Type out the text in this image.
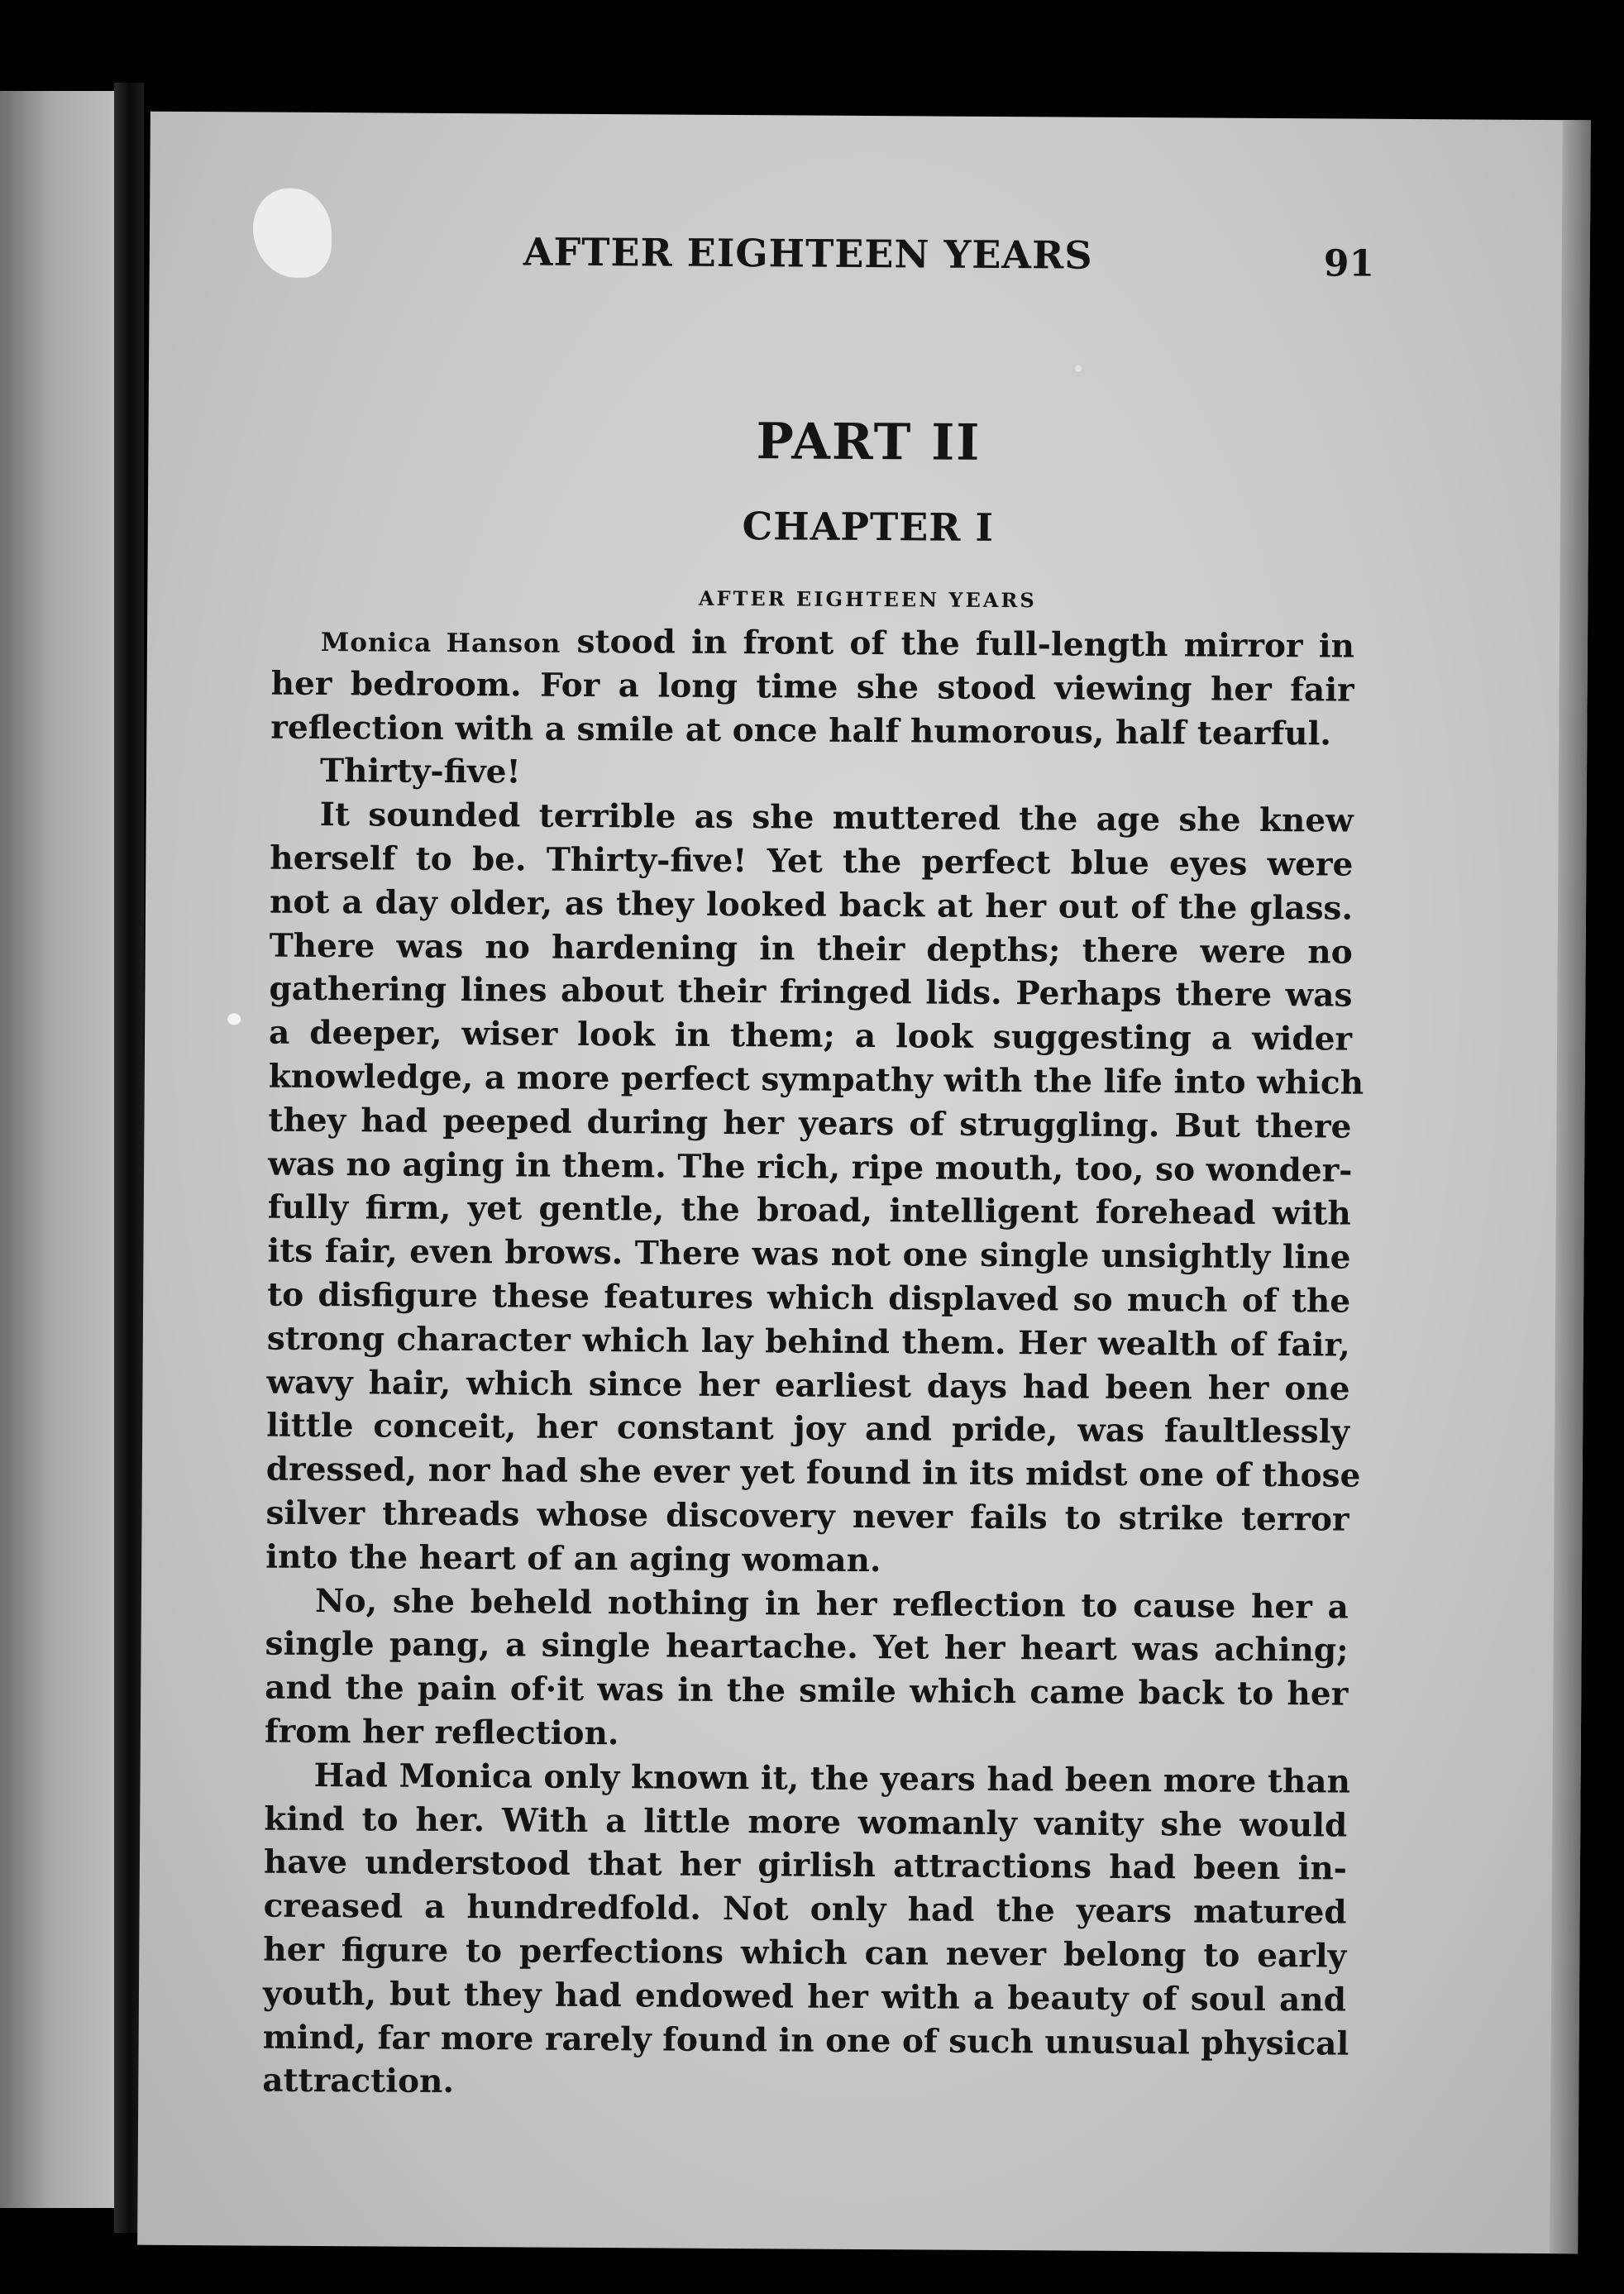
AFTER EIGHTEEN YEARS	91
PART II
CHAPTER I
AFTER EIGHTEEN YEARS
Monica Hanson stood in front of the full-length mirror in
her bedroom. For a long time she stood viewing her fair
reflection with a smile at once half humorous, half tearful.
Thirty-five!
It sounded terrible as she muttered the age she knew
herself to be. Thirty-five! Yet the perfect blue eyes were
not a day older, as they looked back at her out of the glass.
There was no hardening in their depths; there were no
gathering lines about their fringed lids. Perhaps there was
a deeper, wiser look in them; a look suggesting a wider
knowledge, a more perfect sympathy with the life into which
they had peeped during her years of struggling. But there
was no aging in them. The rich, ripe mouth, too, so wonder-
fully firm, yet gentle, the broad, intelligent forehead with
its fair, even brows. There was not one single unsightly line
to disfigure these features which displaved so much of the
strong character which lay behind them. Her wealth of fair,
wavy hair, which since her earliest days had been her one
little conceit, her constant joy and pride, was faultlessly
dressed, nor had she ever yet found in its midst one of those
silver threads whose discovery never fails to strike terror
into the heart of an aging woman.
No, she beheld nothing in her reflection to cause her a
single pang, a single heartache. Yet her heart was aching;
and the pain of·it was in the smile which came back to her
from her reflection.
Had Monica only known it, the years had been more than
kind to her. With a little more womanly vanity she would
have understood that her girlish attractions had been in-
creased a hundredfold. Not only had the years matured
her figure to perfections which can never belong to early
youth, but they had endowed her with a beauty of soul and
mind, far more rarely found in one of such unusual physical
attraction.
